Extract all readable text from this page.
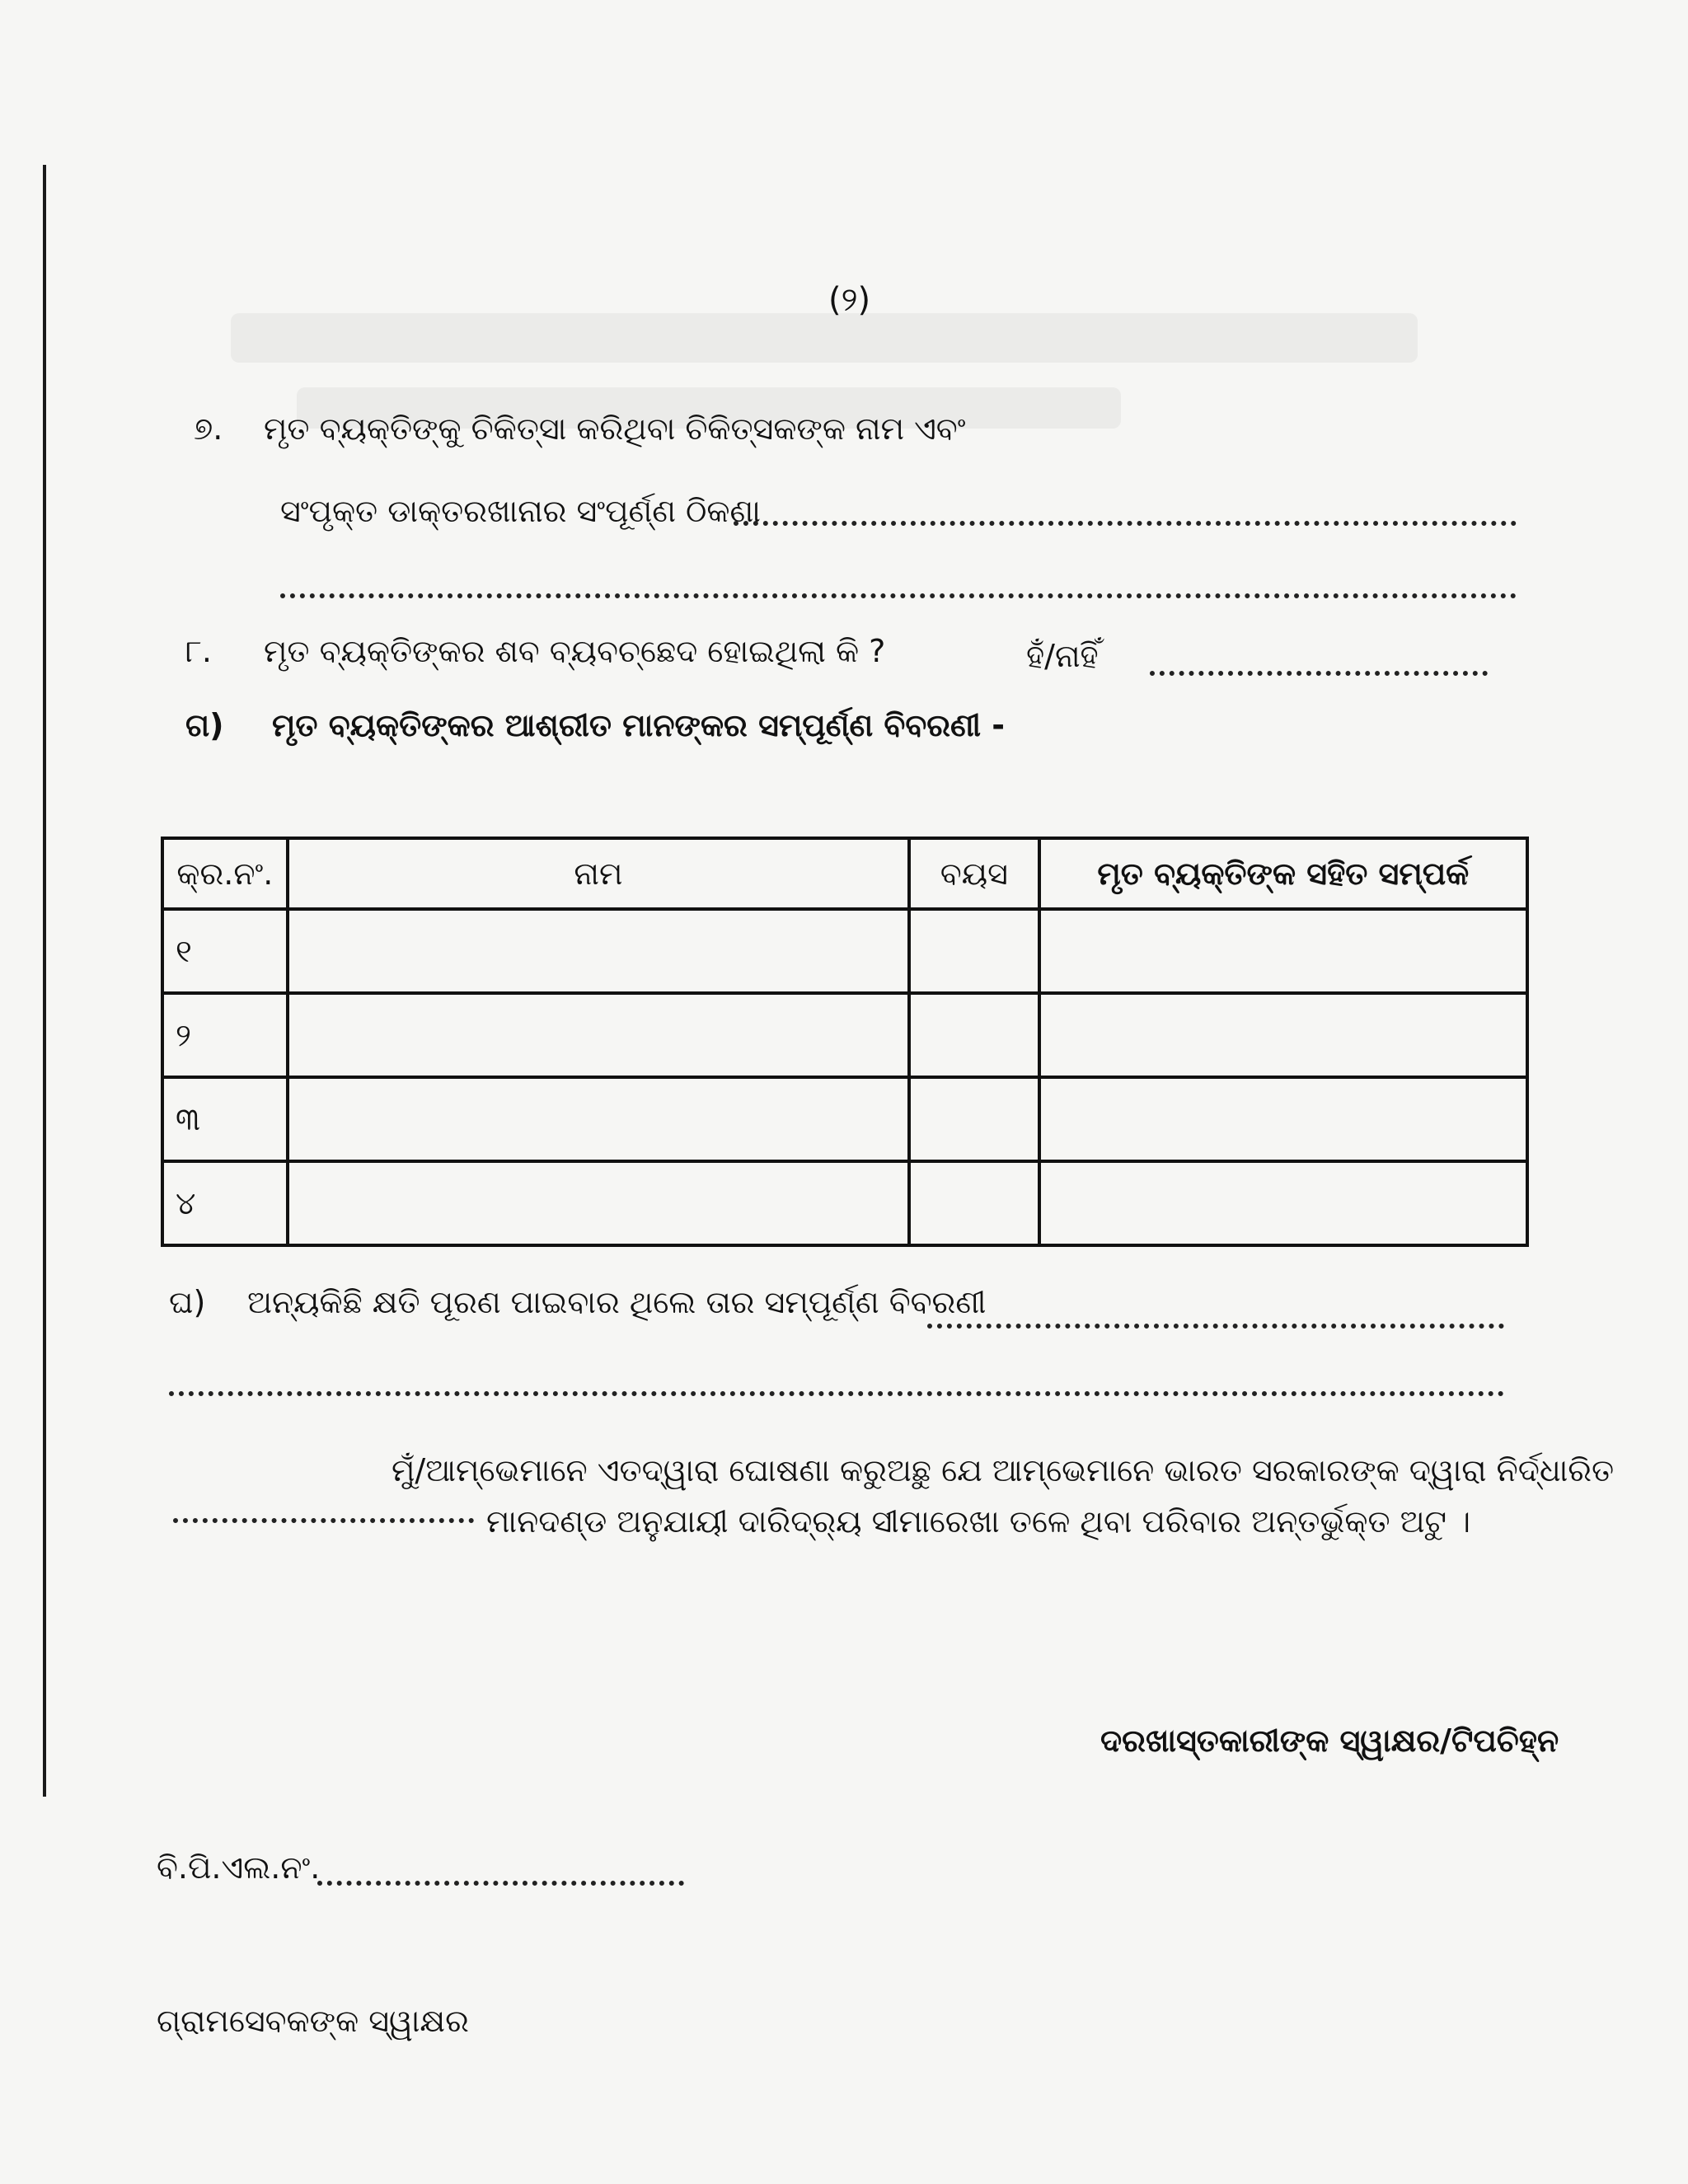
(୨)
୭. ମୃତ ବ୍ୟକ୍ତିଙ୍କୁ ଚିକିତ୍ସା କରିଥିବା ଚିକିତ୍ସକଙ୍କ ନାମ ଏବଂ
ସଂପୃକ୍ତ ଡାକ୍ତରଖାନାର ସଂପୂର୍ଣ୍ଣ ଠିକଣା
୮. ମୃତ ବ୍ୟକ୍ତିଙ୍କର ଶବ ବ୍ୟବଚ୍ଛେଦ ହୋଇଥିଲା କି ?	ହଁ/ନାହିଁ
ଗ) ମୃତ ବ୍ୟକ୍ତିଙ୍କର ଆଶ୍ରୀତ ମାନଙ୍କର ସମ୍ପୂର୍ଣ୍ଣ ବିବରଣୀ -
କ୍ର.ନଂ.	ନାମ	ବୟସ	ମୃତ ବ୍ୟକ୍ତିଙ୍କ ସହିତ ସମ୍ପର୍କ
୧			
୨			
୩			
୪			
ଘ) ଅନ୍ୟକିଛି କ୍ଷତି ପୂରଣ ପାଇବାର ଥିଲେ ତାର ସମ୍ପୂର୍ଣ୍ଣ ବିବରଣୀ
ମୁଁ/ଆମ୍ଭେମାନେ ଏତଦ୍ୱାରା ଘୋଷଣା କରୁଅଛୁ ଯେ ଆମ୍ଭେମାନେ ଭାରତ ସରକାରଙ୍କ ଦ୍ୱାରା ନିର୍ଦ୍ଧାରିତ
ମାନଦଣ୍ଡ ଅନୁଯାୟୀ ଦାରିଦ୍ର୍ୟ ସୀମାରେଖା ତଳେ ଥିବା ପରିବାର ଅନ୍ତର୍ଭୁକ୍ତ ଅଟୁ ।
ଦରଖାସ୍ତକାରୀଙ୍କ ସ୍ୱାକ୍ଷର/ଟିପଚିହ୍ନ
ବି.ପି.ଏଲ.ନଂ.
ଗ୍ରାମସେବକଙ୍କ ସ୍ୱାକ୍ଷର
